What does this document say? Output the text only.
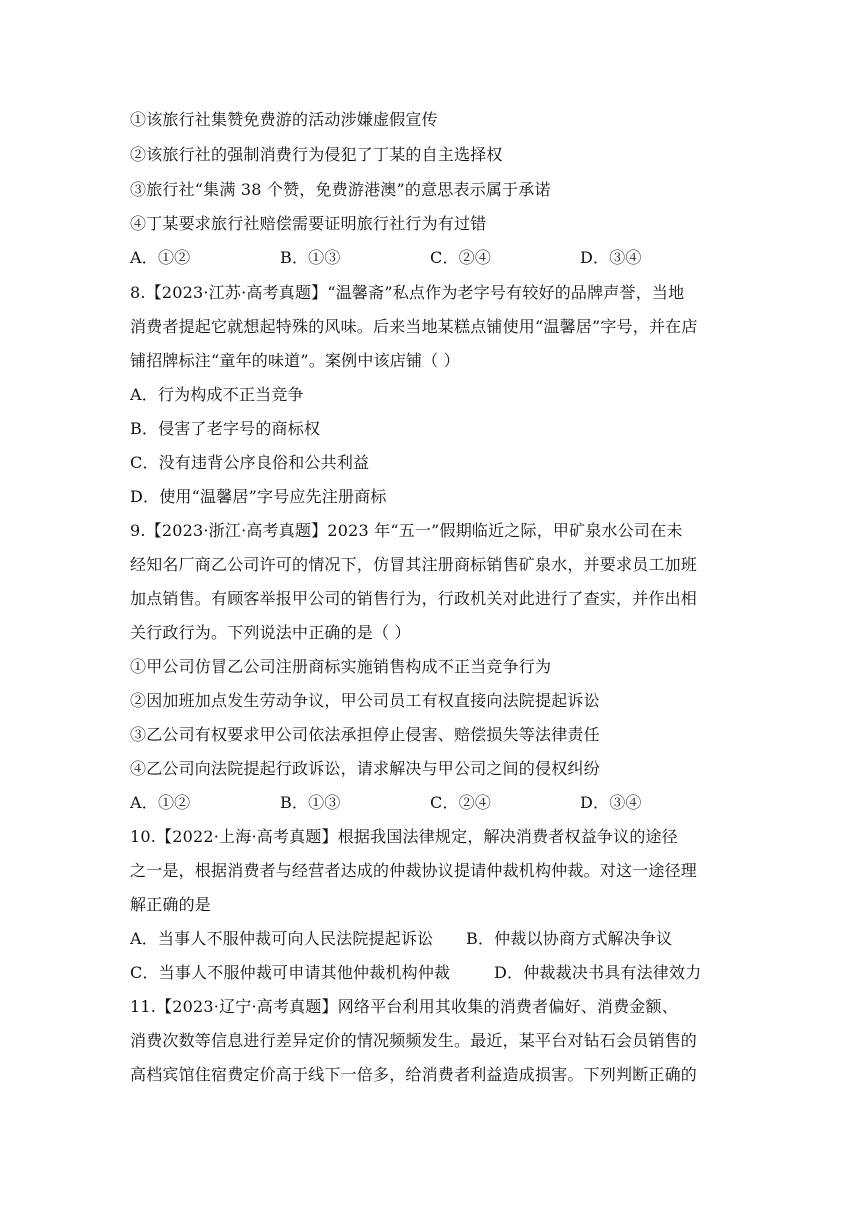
①该旅行社集赞免费游的活动涉嫌虚假宣传
②该旅行社的强制消费行为侵犯了丁某的自主选择权
③旅行社“集满 38 个赞，免费游港澳”的意思表示属于承诺
④丁某要求旅行社赔偿需要证明旅行社行为有过错
A．①②	B．①③	C．②④	D．③④
8.【2023·江苏·高考真题】“温馨斋”私点作为老字号有较好的品牌声誉，当地
消费者提起它就想起特殊的风味。后来当地某糕点铺使用“温馨居”字号，并在店
铺招牌标注“童年的味道”。案例中该店铺（ ）
A．行为构成不正当竞争
B．侵害了老字号的商标权
C．没有违背公序良俗和公共利益
D．使用“温馨居”字号应先注册商标
9.【2023·浙江·高考真题】2023 年“五一”假期临近之际，甲矿泉水公司在未
经知名厂商乙公司许可的情况下，仿冒其注册商标销售矿泉水，并要求员工加班
加点销售。有顾客举报甲公司的销售行为，行政机关对此进行了查实，并作出相
关行政行为。下列说法中正确的是（ ）
①甲公司仿冒乙公司注册商标实施销售构成不正当竞争行为
②因加班加点发生劳动争议，甲公司员工有权直接向法院提起诉讼
③乙公司有权要求甲公司依法承担停止侵害、赔偿损失等法律责任
④乙公司向法院提起行政诉讼，请求解决与甲公司之间的侵权纠纷
A．①②	B．①③	C．②④	D．③④
10.【2022·上海·高考真题】根据我国法律规定，解决消费者权益争议的途径
之一是，根据消费者与经营者达成的仲裁协议提请仲裁机构仲裁。对这一途径理
解正确的是
A．当事人不服仲裁可向人民法院提起诉讼 B．仲裁以协商方式解决争议
C．当事人不服仲裁可申请其他仲裁机构仲裁	D．仲裁裁决书具有法律效力
11.【2023·辽宁·高考真题】网络平台利用其收集的消费者偏好、消费金额、
消费次数等信息进行差异定价的情况频频发生。最近，某平台对钻石会员销售的
高档宾馆住宿费定价高于线下一倍多，给消费者利益造成损害。下列判断正确的
